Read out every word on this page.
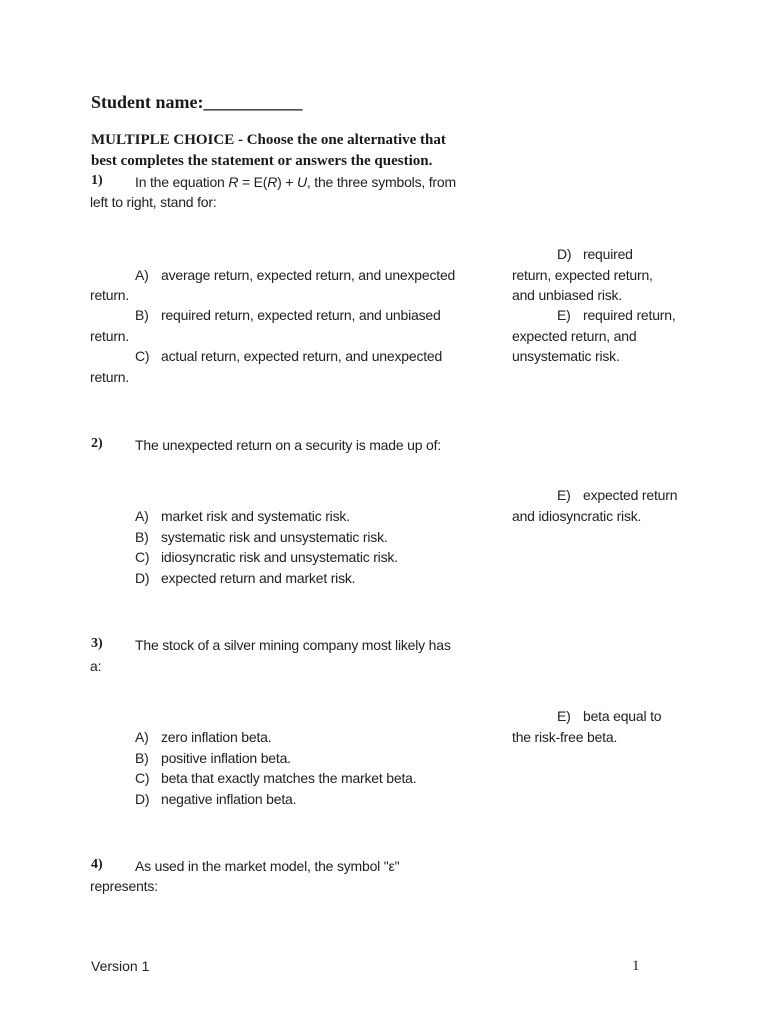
Student name:___________
MULTIPLE CHOICE - Choose the one alternative that
best completes the statement or answers the question.
1) In the equation R = E(R) + U, the three symbols, from
left to right, stand for:
A) average return, expected return, and unexpected
return.
B) required return, expected return, and unbiased
return.
C) actual return, expected return, and unexpected
return.
D) required
return, expected return,
and unbiased risk.
E) required return,
expected return, and
unsystematic risk.
2) The unexpected return on a security is made up of:
A) market risk and systematic risk.
B) systematic risk and unsystematic risk.
C) idiosyncratic risk and unsystematic risk.
D) expected return and market risk.
E) expected return
and idiosyncratic risk.
3) The stock of a silver mining company most likely has
a:
A) zero inflation beta.
B) positive inflation beta.
C) beta that exactly matches the market beta.
D) negative inflation beta.
E) beta equal to
the risk-free beta.
4) As used in the market model, the symbol "ε"
represents:
Version 1	1
